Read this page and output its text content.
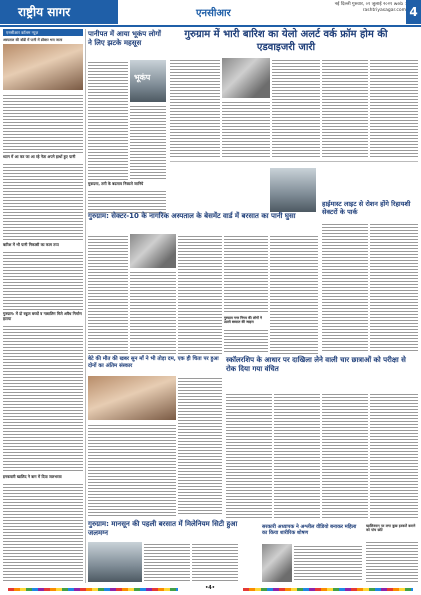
राष्ट्रीय सागर	एनसीआर
नई दिल्ली गुरुवार, ०१ जुलाई २०२१ web : rashtriyasagar.com 4
एनसीआर कॉलम न्यूज़
अस्पताल की बॉडी में पानी में डॉक्टर भरा जाता
ध्यान में आ कर जा आ रहे नेता अपने हाथों हुए पानी
बारिश में भी पानी निकासी का काम ठप्प
गुरुग्राम: में दो स्कूल बच्चों व नाबालिग मिले अवैध निर्माण हटाया
इनकवारी खालिद ने बाग में दिया जलभराव
पानीपत में आया भूकंप लोगों ने लिए झटके महसूस
भूकंप
मुकदमा, ठगी के बदलाव निकाले जानिये
गुरुग्राम में भारी बारिश का येलो अलर्ट वर्क फ्रॉम होम की एडवाइजरी जारी
गुरुग्राम: सेक्टर-10 के नागरिक अस्पताल के बेसमेंट वार्ड में बरसात का पानी घुसा
गुरुग्राम नगर निगम की लोगों ने उठाये बरसात की जाहरा
हाईमास्ट लाइट से रोशन होंगे रिहायशी सेक्टरों के पार्क
बेटे की मौत की खबर सुन माँ ने भी तोड़ा दम, एक ही चिता पर हुआ दोनों का अंतिम संस्कार
स्कॉलरशिप के आधार पर दाखिला लेने वाली चार छात्राओं को परीक्षा से रोक दिया गया वंचित
गुरुग्राम: मानसून की पहली बरसात में मिलेनियम सिटी हुआ जलमग्न
सरकारी अध्यापक ने अश्लील वीडियो बनाकर महिला का किया शारीरिक शोषण
खालिस्तान पर लगा कुछ हरकतें कराने को पांच छोटे
•4•
